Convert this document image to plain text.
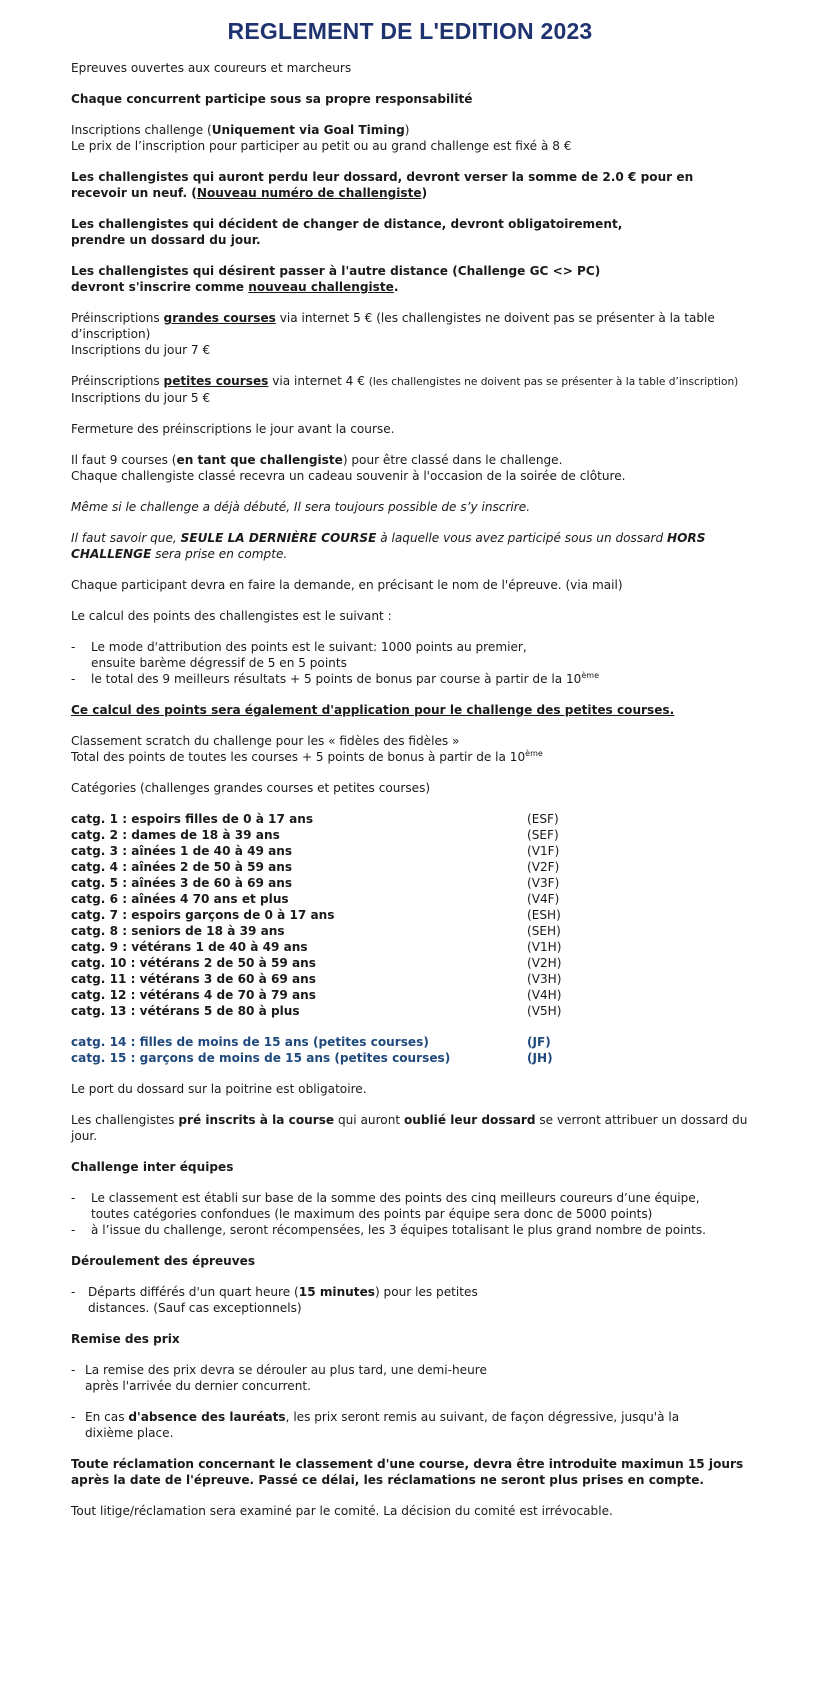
REGLEMENT DE L'EDITION 2023
Epreuves ouvertes aux coureurs et marcheurs
Chaque concurrent participe sous sa propre responsabilité
Inscriptions challenge (Uniquement via Goal Timing)
Le prix de l’inscription pour participer au petit ou au grand challenge est fixé à 8 €
Les challengistes qui auront perdu leur dossard, devront verser la somme de 2.0 € pour en recevoir un neuf. (Nouveau numéro de challengiste)
Les challengistes qui décident de changer de distance, devront obligatoirement,
prendre un dossard du jour.
Les challengistes qui désirent passer à l'autre distance (Challenge GC <> PC)
devront s'inscrire comme nouveau challengiste.
Préinscriptions grandes courses via internet 5 € (les challengistes ne doivent pas se présenter à la table d’inscription)
Inscriptions du jour 7 €
Préinscriptions petites courses via internet 4 € (les challengistes ne doivent pas se présenter à la table d’inscription)
Inscriptions du jour 5 €
Fermeture des préinscriptions le jour avant la course.
Il faut 9 courses (en tant que challengiste) pour être classé dans le challenge.
Chaque challengiste classé recevra un cadeau souvenir à l'occasion de la soirée de clôture.
Même si le challenge a déjà débuté, Il sera toujours possible de s’y inscrire.
Il faut savoir que, SEULE LA DERNIÈRE COURSE à laquelle vous avez participé sous un dossard HORS CHALLENGE sera prise en compte.
Chaque participant devra en faire la demande, en précisant le nom de l'épreuve. (via mail)
Le calcul des points des challengistes est le suivant :
-	Le mode d'attribution des points est le suivant: 1000 points au premier,
ensuite barème dégressif de 5 en 5 points
-	le total des 9 meilleurs résultats + 5 points de bonus par course à partir de la 10ème
Ce calcul des points sera également d'application pour le challenge des petites courses.
Classement scratch du challenge pour les « fidèles des fidèles »
Total des points de toutes les courses + 5 points de bonus à partir de la 10ème
Catégories (challenges grandes courses et petites courses)
catg. 1 : espoirs filles de 0 à 17 ans	(ESF)
catg. 2 : dames de 18 à 39 ans	(SEF)
catg. 3 : aînées 1 de 40 à 49 ans	(V1F)
catg. 4 : aînées 2 de 50 à 59 ans	(V2F)
catg. 5 : aînées 3 de 60 à 69 ans	(V3F)
catg. 6 : aînées 4 70 ans et plus	(V4F)
catg. 7 : espoirs garçons de 0 à 17 ans	(ESH)
catg. 8 : seniors de 18 à 39 ans	(SEH)
catg. 9 : vétérans 1 de 40 à 49 ans	(V1H)
catg. 10 : vétérans 2 de 50 à 59 ans	(V2H)
catg. 11 : vétérans 3 de 60 à 69 ans	(V3H)
catg. 12 : vétérans 4 de 70 à 79 ans	(V4H)
catg. 13 : vétérans 5 de 80 à plus	(V5H)
catg. 14 : filles de moins de 15 ans (petites courses)	(JF)
catg. 15 : garçons de moins de 15 ans (petites courses)	(JH)
Le port du dossard sur la poitrine est obligatoire.
Les challengistes pré inscrits à la course qui auront oublié leur dossard se verront attribuer un dossard du jour.
Challenge inter équipes
-	Le classement est établi sur base de la somme des points des cinq meilleurs coureurs d’une équipe,
toutes catégories confondues (le maximum des points par équipe sera donc de 5000 points)
-	à l’issue du challenge, seront récompensées, les 3 équipes totalisant le plus grand nombre de points.
Déroulement des épreuves
-	Départs différés d'un quart heure (15 minutes) pour les petites
distances. (Sauf cas exceptionnels)
Remise des prix
- La remise des prix devra se dérouler au plus tard, une demi-heure
après l'arrivée du dernier concurrent.
- En cas d'absence des lauréats, les prix seront remis au suivant, de façon dégressive, jusqu'à la
dixième place.
Toute réclamation concernant le classement d'une course, devra être introduite maximun 15 jours après la date de l'épreuve. Passé ce délai, les réclamations ne seront plus prises en compte.
Tout litige/réclamation sera examiné par le comité. La décision du comité est irrévocable.
